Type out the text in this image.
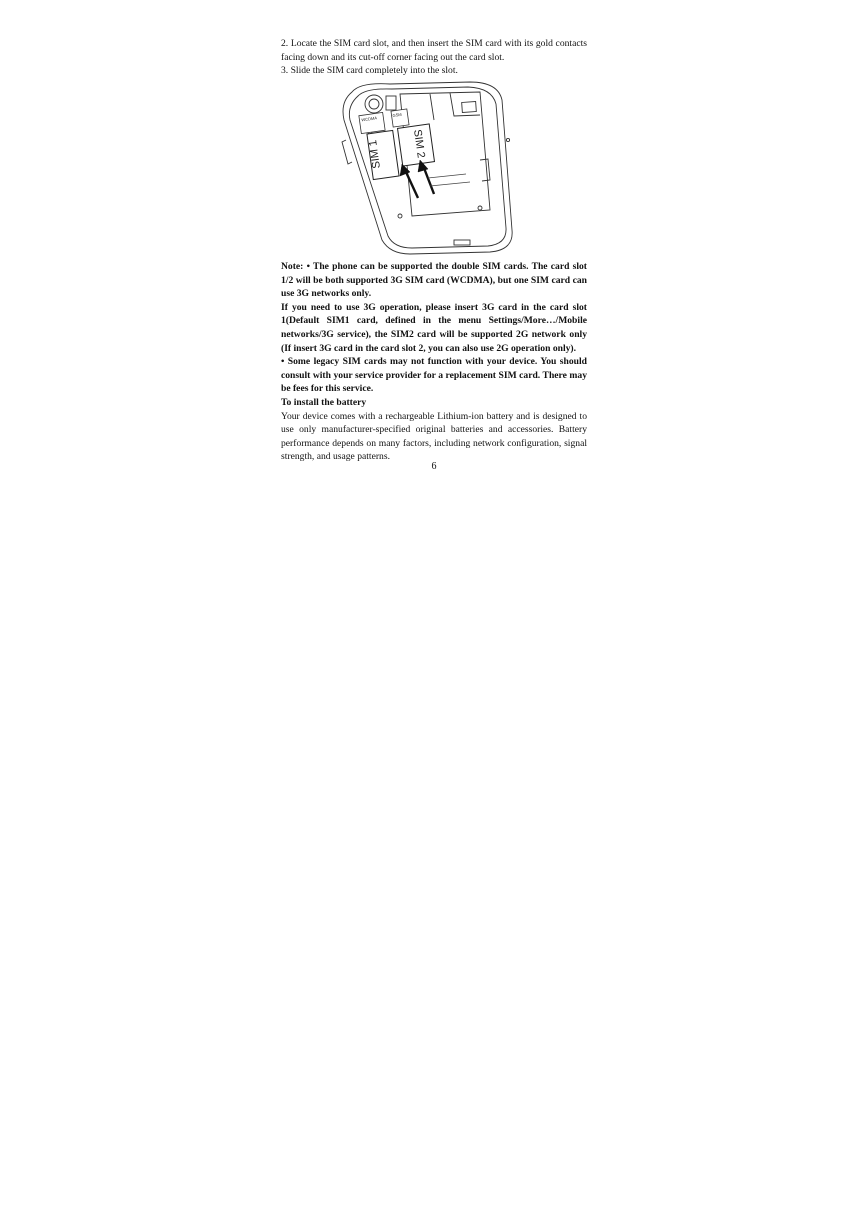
2. Locate the SIM card slot, and then insert the SIM card with its gold contacts facing down and its cut-off corner facing out the card slot.

3. Slide the SIM card completely into the slot.

WCDMA
GSM
SIM 1	SIM 2

Note: • The phone can be supported the double SIM cards. The card slot 1/2 will be both supported 3G SIM card (WCDMA), but one SIM card can use 3G networks only.

If you need to use 3G operation, please insert 3G card in the card slot 1(Default SIM1 card, defined in the menu Settings/More…/Mobile networks/3G service), the SIM2 card will be supported 2G network only (If insert 3G card in the card slot 2, you can also use 2G operation only).

• Some legacy SIM cards may not function with your device. You should consult with your service provider for a replacement SIM card. There may be fees for this service.

To install the battery

Your device comes with a rechargeable Lithium-ion battery and is designed to use only manufacturer-specified original batteries and accessories. Battery performance depends on many factors, including network configuration, signal strength, and usage patterns.

6
